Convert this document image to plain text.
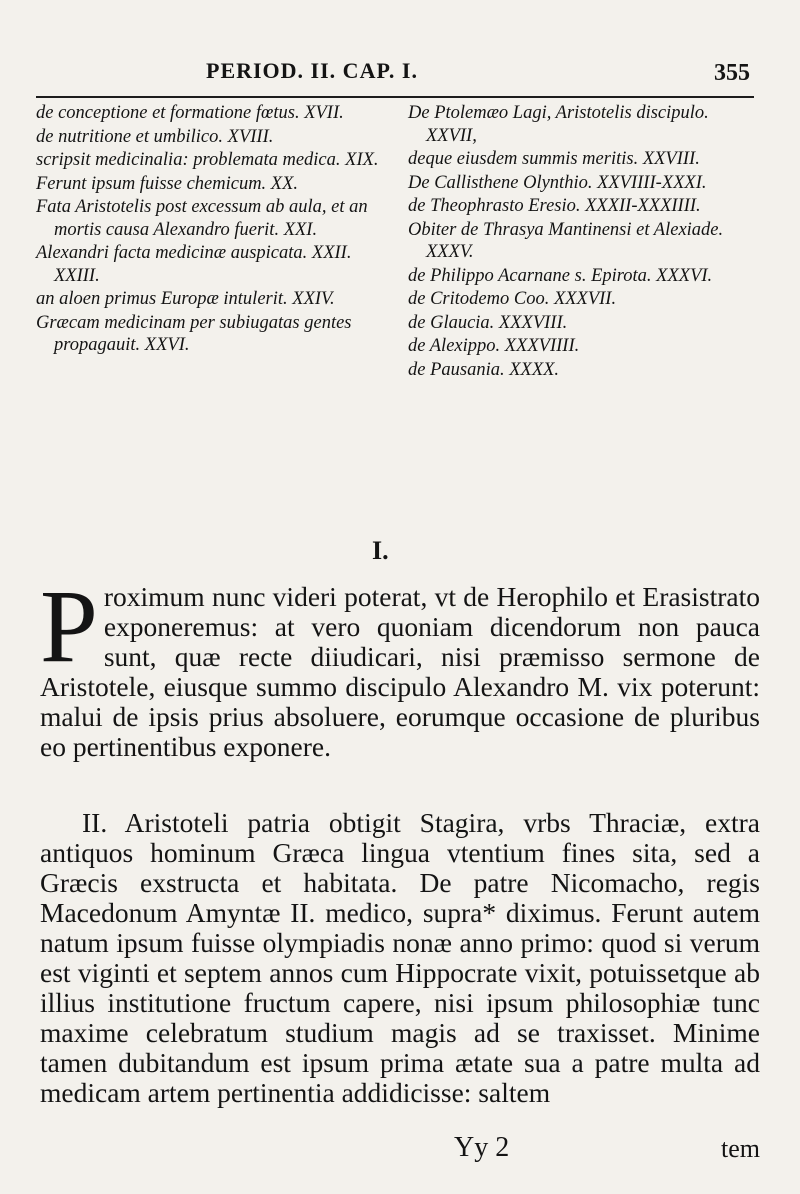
PERIOD. II. CAP. I.	355

de conceptione et formatione fœtus. XVII.

de nutritione et umbilico. XVIII.

scripsit medicinalia: problemata medica. XIX.

Ferunt ipsum fuisse chemicum. XX.

Fata Aristotelis post excessum ab aula, et an mortis causa Alexandro fuerit. XXI.

Alexandri facta medicinæ auspicata. XXII. XXIII.

an aloen primus Europæ intulerit. XXIV.

Græcam medicinam per subiugatas gentes propagauit. XXVI.

De Ptolemæo Lagi, Aristotelis discipulo. XXVII,

deque eiusdem summis meritis. XXVIII.

De Callisthene Olynthio. XXVIIII-XXXI.

de Theophrasto Eresio. XXXII-XXXIIII.

Obiter de Thrasya Mantinensi et Alexiade. XXXV.

de Philippo Acarnane s. Epirota. XXXVI.

de Critodemo Coo. XXXVII.

de Glaucia. XXXVIII.

de Alexippo. XXXVIIII.

de Pausania. XXXX.

I.

Proximum nunc videri poterat, vt de Herophilo et Erasistrato exponeremus: at vero quoniam dicendorum non pauca sunt, quæ recte diiudicari, nisi præmisso sermone de Aristotele, eiusque summo discipulo Alexandro M. vix poterunt: malui de ipsis prius absoluere, eorumque occasione de pluribus eo pertinentibus exponere.

II. Aristoteli patria obtigit Stagira, vrbs Thraciæ, extra antiquos hominum Græca lingua vtentium fines sita, sed a Græcis exstructa et habitata. De patre Nicomacho, regis Macedonum Amyntæ II. medico, supra* diximus. Ferunt autem natum ipsum fuisse olympiadis nonæ anno primo: quod si verum est viginti et septem annos cum Hippocrate vixit, potuissetque ab illius institutione fructum capere, nisi ipsum philosophiæ tunc maxime celebratum studium magis ad se traxisset. Minime tamen dubitandum est ipsum prima ætate sua a patre multa ad medicam artem pertinentia addidicisse: saltem

Yy 2	tem
